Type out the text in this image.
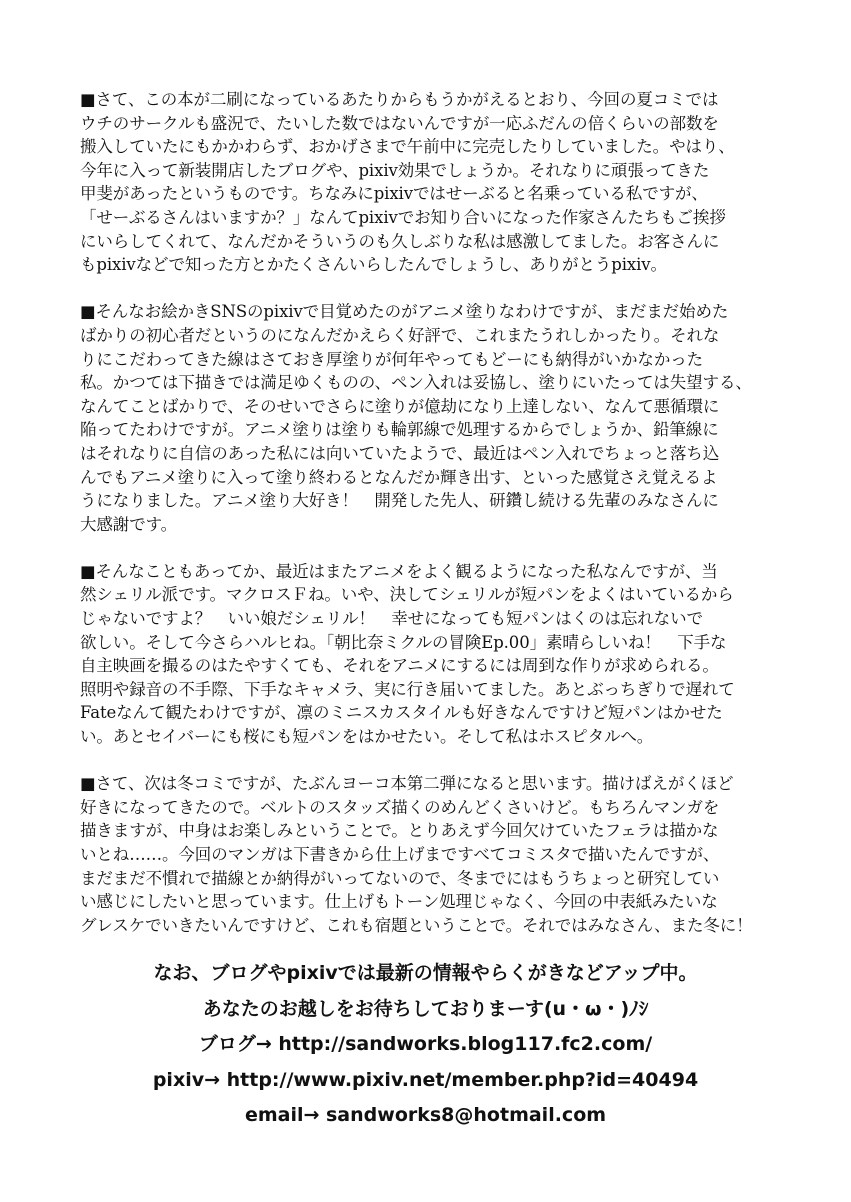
■さて、この本が二刷になっているあたりからもうかがえるとおり、今回の夏コミでは
ウチのサークルも盛況で、たいした数ではないんですが一応ふだんの倍くらいの部数を
搬入していたにもかかわらず、おかげさまで午前中に完売したりしていました。やはり、
今年に入って新装開店したブログや、pixiv効果でしょうか。それなりに頑張ってきた
甲斐があったというものです。ちなみにpixivではせーぶると名乗っている私ですが、
「せーぶるさんはいますか？」なんてpixivでお知り合いになった作家さんたちもご挨拶
にいらしてくれて、なんだかそういうのも久しぶりな私は感激してました。お客さんに
もpixivなどで知った方とかたくさんいらしたんでしょうし、ありがとうpixiv。

■そんなお絵かきSNSのpixivで目覚めたのがアニメ塗りなわけですが、まだまだ始めた
ばかりの初心者だというのになんだかえらく好評で、これまたうれしかったり。それな
りにこだわってきた線はさておき厚塗りが何年やってもどーにも納得がいかなかった
私。かつては下描きでは満足ゆくものの、ペン入れは妥協し、塗りにいたっては失望する、
なんてことばかりで、そのせいでさらに塗りが億劫になり上達しない、なんて悪循環に
陥ってたわけですが。アニメ塗りは塗りも輪郭線で処理するからでしょうか、鉛筆線に
はそれなりに自信のあった私には向いていたようで、最近はペン入れでちょっと落ち込
んでもアニメ塗りに入って塗り終わるとなんだか輝き出す、といった感覚さえ覚えるよ
うになりました。アニメ塗り大好き！　開発した先人、研鑽し続ける先輩のみなさんに
大感謝です。

■そんなこともあってか、最近はまたアニメをよく観るようになった私なんですが、当
然シェリル派です。マクロスＦね。いや、決してシェリルが短パンをよくはいているから
じゃないですよ？　いい娘だシェリル！　幸せになっても短パンはくのは忘れないで
欲しい。そして今さらハルヒね。「朝比奈ミクルの冒険Ep.00」素晴らしいね！　下手な
自主映画を撮るのはたやすくても、それをアニメにするには周到な作りが求められる。
照明や録音の不手際、下手なキャメラ、実に行き届いてました。あとぶっちぎりで遅れて
Fateなんて観たわけですが、凛のミニスカスタイルも好きなんですけど短パンはかせた
い。あとセイバーにも桜にも短パンをはかせたい。そして私はホスピタルへ。

■さて、次は冬コミですが、たぶんヨーコ本第二弾になると思います。描けばえがくほど
好きになってきたので。ベルトのスタッズ描くのめんどくさいけど。もちろんマンガを
描きますが、中身はお楽しみということで。とりあえず今回欠けていたフェラは描かな
いとね……。今回のマンガは下書きから仕上げまですべてコミスタで描いたんですが、
まだまだ不慣れで描線とか納得がいってないので、冬までにはもうちょっと研究してい
い感じにしたいと思っています。仕上げもトーン処理じゃなく、今回の中表紙みたいな
グレスケでいきたいんですけど、これも宿題ということで。それではみなさん、また冬に！

なお、ブログやpixivでは最新の情報やらくがきなどアップ中。
あなたのお越しをお待ちしておりまーす(u・ω・)ﾉｼ
ブログ→ http://sandworks.blog117.fc2.com/
pixiv→ http://www.pixiv.net/member.php?id=40494
email→ sandworks8@hotmail.com
